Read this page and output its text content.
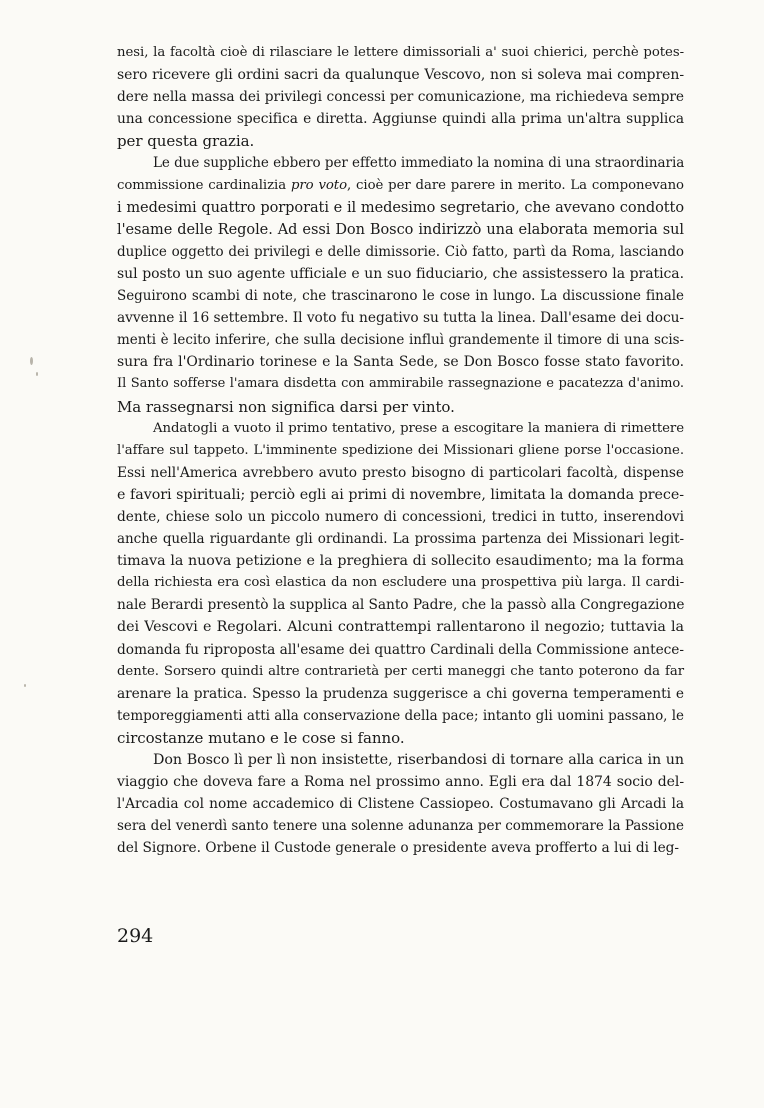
nesi, la facoltà cioè di rilasciare le lettere dimissoriali a' suoi chierici, perchè potes-
sero ricevere gli ordini sacri da qualunque Vescovo, non si soleva mai compren-
dere nella massa dei privilegi concessi per comunicazione, ma richiedeva sempre
una concessione specifica e diretta. Aggiunse quindi alla prima un'altra supplica
per questa grazia.

Le due suppliche ebbero per effetto immediato la nomina di una straordinaria
commissione cardinalizia pro voto, cioè per dare parere in merito. La componevano
i medesimi quattro porporati e il medesimo segretario, che avevano condotto
l'esame delle Regole. Ad essi Don Bosco indirizzò una elaborata memoria sul
duplice oggetto dei privilegi e delle dimissorie. Ciò fatto, partì da Roma, lasciando
sul posto un suo agente ufficiale e un suo fiduciario, che assistessero la pratica.
Seguirono scambi di note, che trascinarono le cose in lungo. La discussione finale
avvenne il 16 settembre. Il voto fu negativo su tutta la linea. Dall'esame dei docu-
menti è lecito inferire, che sulla decisione influì grandemente il timore di una scis-
sura fra l'Ordinario torinese e la Santa Sede, se Don Bosco fosse stato favorito.
Il Santo sofferse l'amara disdetta con ammirabile rassegnazione e pacatezza d'animo.
Ma rassegnarsi non significa darsi per vinto.

Andatogli a vuoto il primo tentativo, prese a escogitare la maniera di rimettere
l'affare sul tappeto. L'imminente spedizione dei Missionari gliene porse l'occasione.
Essi nell'America avrebbero avuto presto bisogno di particolari facoltà, dispense
e favori spirituali; perciò egli ai primi di novembre, limitata la domanda prece-
dente, chiese solo un piccolo numero di concessioni, tredici in tutto, inserendovi
anche quella riguardante gli ordinandi. La prossima partenza dei Missionari legit-
timava la nuova petizione e la preghiera di sollecito esaudimento; ma la forma
della richiesta era così elastica da non escludere una prospettiva più larga. Il cardi-
nale Berardi presentò la supplica al Santo Padre, che la passò alla Congregazione
dei Vescovi e Regolari. Alcuni contrattempi rallentarono il negozio; tuttavia la
domanda fu riproposta all'esame dei quattro Cardinali della Commissione antece-
dente. Sorsero quindi altre contrarietà per certi maneggi che tanto poterono da far
arenare la pratica. Spesso la prudenza suggerisce a chi governa temperamenti e
temporeggiamenti atti alla conservazione della pace; intanto gli uomini passano, le
circostanze mutano e le cose si fanno.

Don Bosco lì per lì non insistette, riserbandosi di tornare alla carica in un
viaggio che doveva fare a Roma nel prossimo anno. Egli era dal 1874 socio del-
l'Arcadia col nome accademico di Clistene Cassiopeo. Costumavano gli Arcadi la
sera del venerdì santo tenere una solenne adunanza per commemorare la Passione
del Signore. Orbene il Custode generale o presidente aveva profferto a lui di leg-

294
